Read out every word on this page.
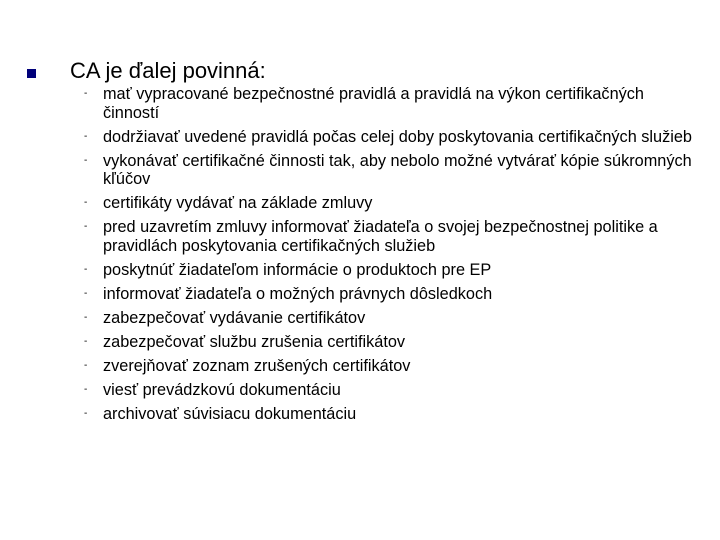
CA je ďalej povinná:
- mať vypracované bezpečnostné pravidlá a pravidlá na výkon certifikačných činností
- dodržiavať uvedené pravidlá počas celej doby poskytovania certifikačných služieb
- vykonávať certifikačné činnosti tak, aby nebolo možné vytvárať kópie súkromných kľúčov
- certifikáty vydávať na základe zmluvy
- pred uzavretím zmluvy informovať žiadateľa o svojej bezpečnostnej politike a pravidlách poskytovania certifikačných služieb
- poskytnúť žiadateľom informácie o produktoch pre EP
- informovať žiadateľa o možných právnych dôsledkoch
- zabezpečovať vydávanie certifikátov
- zabezpečovať službu zrušenia certifikátov
- zverejňovať zoznam zrušených certifikátov
- viesť prevádzkovú dokumentáciu
- archivovať súvisiacu dokumentáciu
